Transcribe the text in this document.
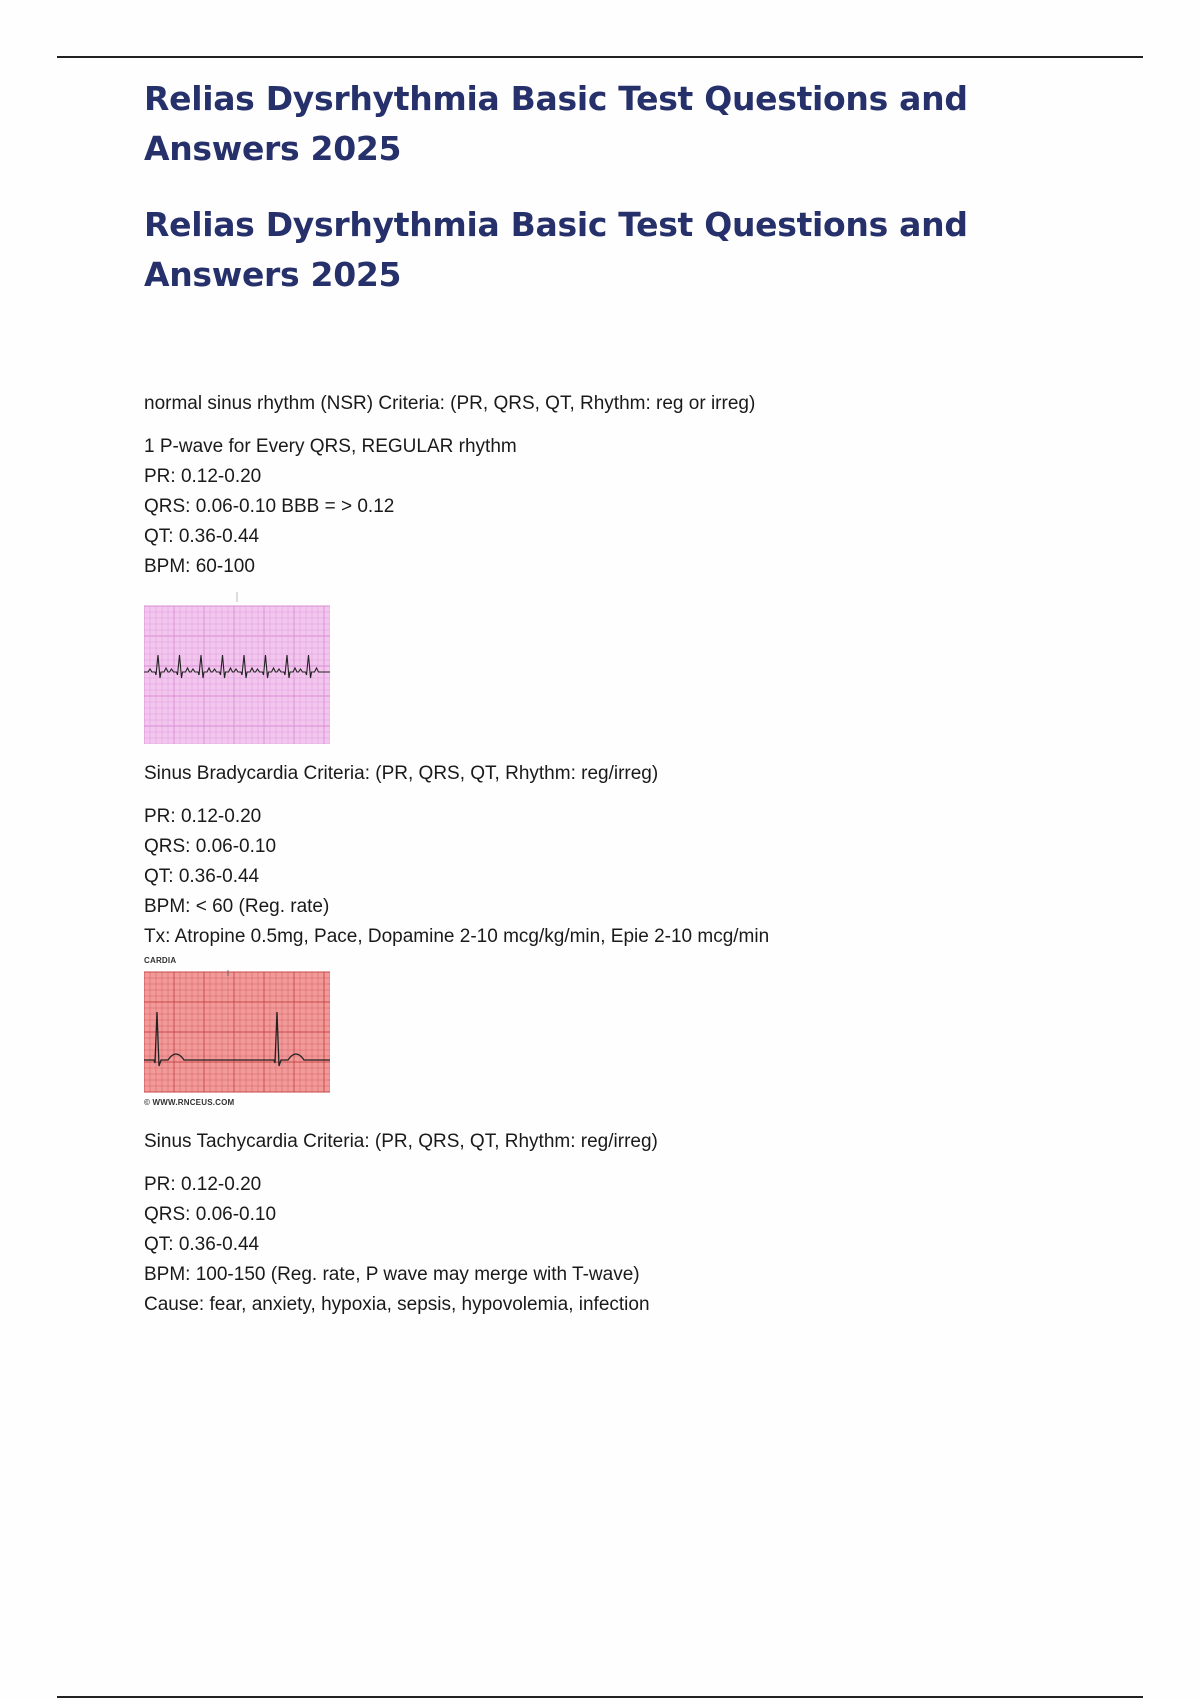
Relias Dysrhythmia Basic Test Questions and Answers 2025
Relias Dysrhythmia Basic Test Questions and Answers 2025

normal sinus rhythm (NSR) Criteria: (PR, QRS, QT, Rhythm: reg or irreg)

1 P-wave for Every QRS, REGULAR rhythm
PR: 0.12-0.20
QRS: 0.06-0.10 BBB = > 0.12
QT: 0.36-0.44
BPM: 60-100

Sinus Bradycardia Criteria: (PR, QRS, QT, Rhythm: reg/irreg)

PR: 0.12-0.20
QRS: 0.06-0.10
QT: 0.36-0.44
BPM: < 60 (Reg. rate)
Tx: Atropine 0.5mg, Pace, Dopamine 2-10 mcg/kg/min, Epie 2-10 mcg/min
CARDIA
© WWW.RNCEUS.COM

Sinus Tachycardia Criteria: (PR, QRS, QT, Rhythm: reg/irreg)

PR: 0.12-0.20
QRS: 0.06-0.10
QT: 0.36-0.44
BPM: 100-150 (Reg. rate, P wave may merge with T-wave)
Cause: fear, anxiety, hypoxia, sepsis, hypovolemia, infection
